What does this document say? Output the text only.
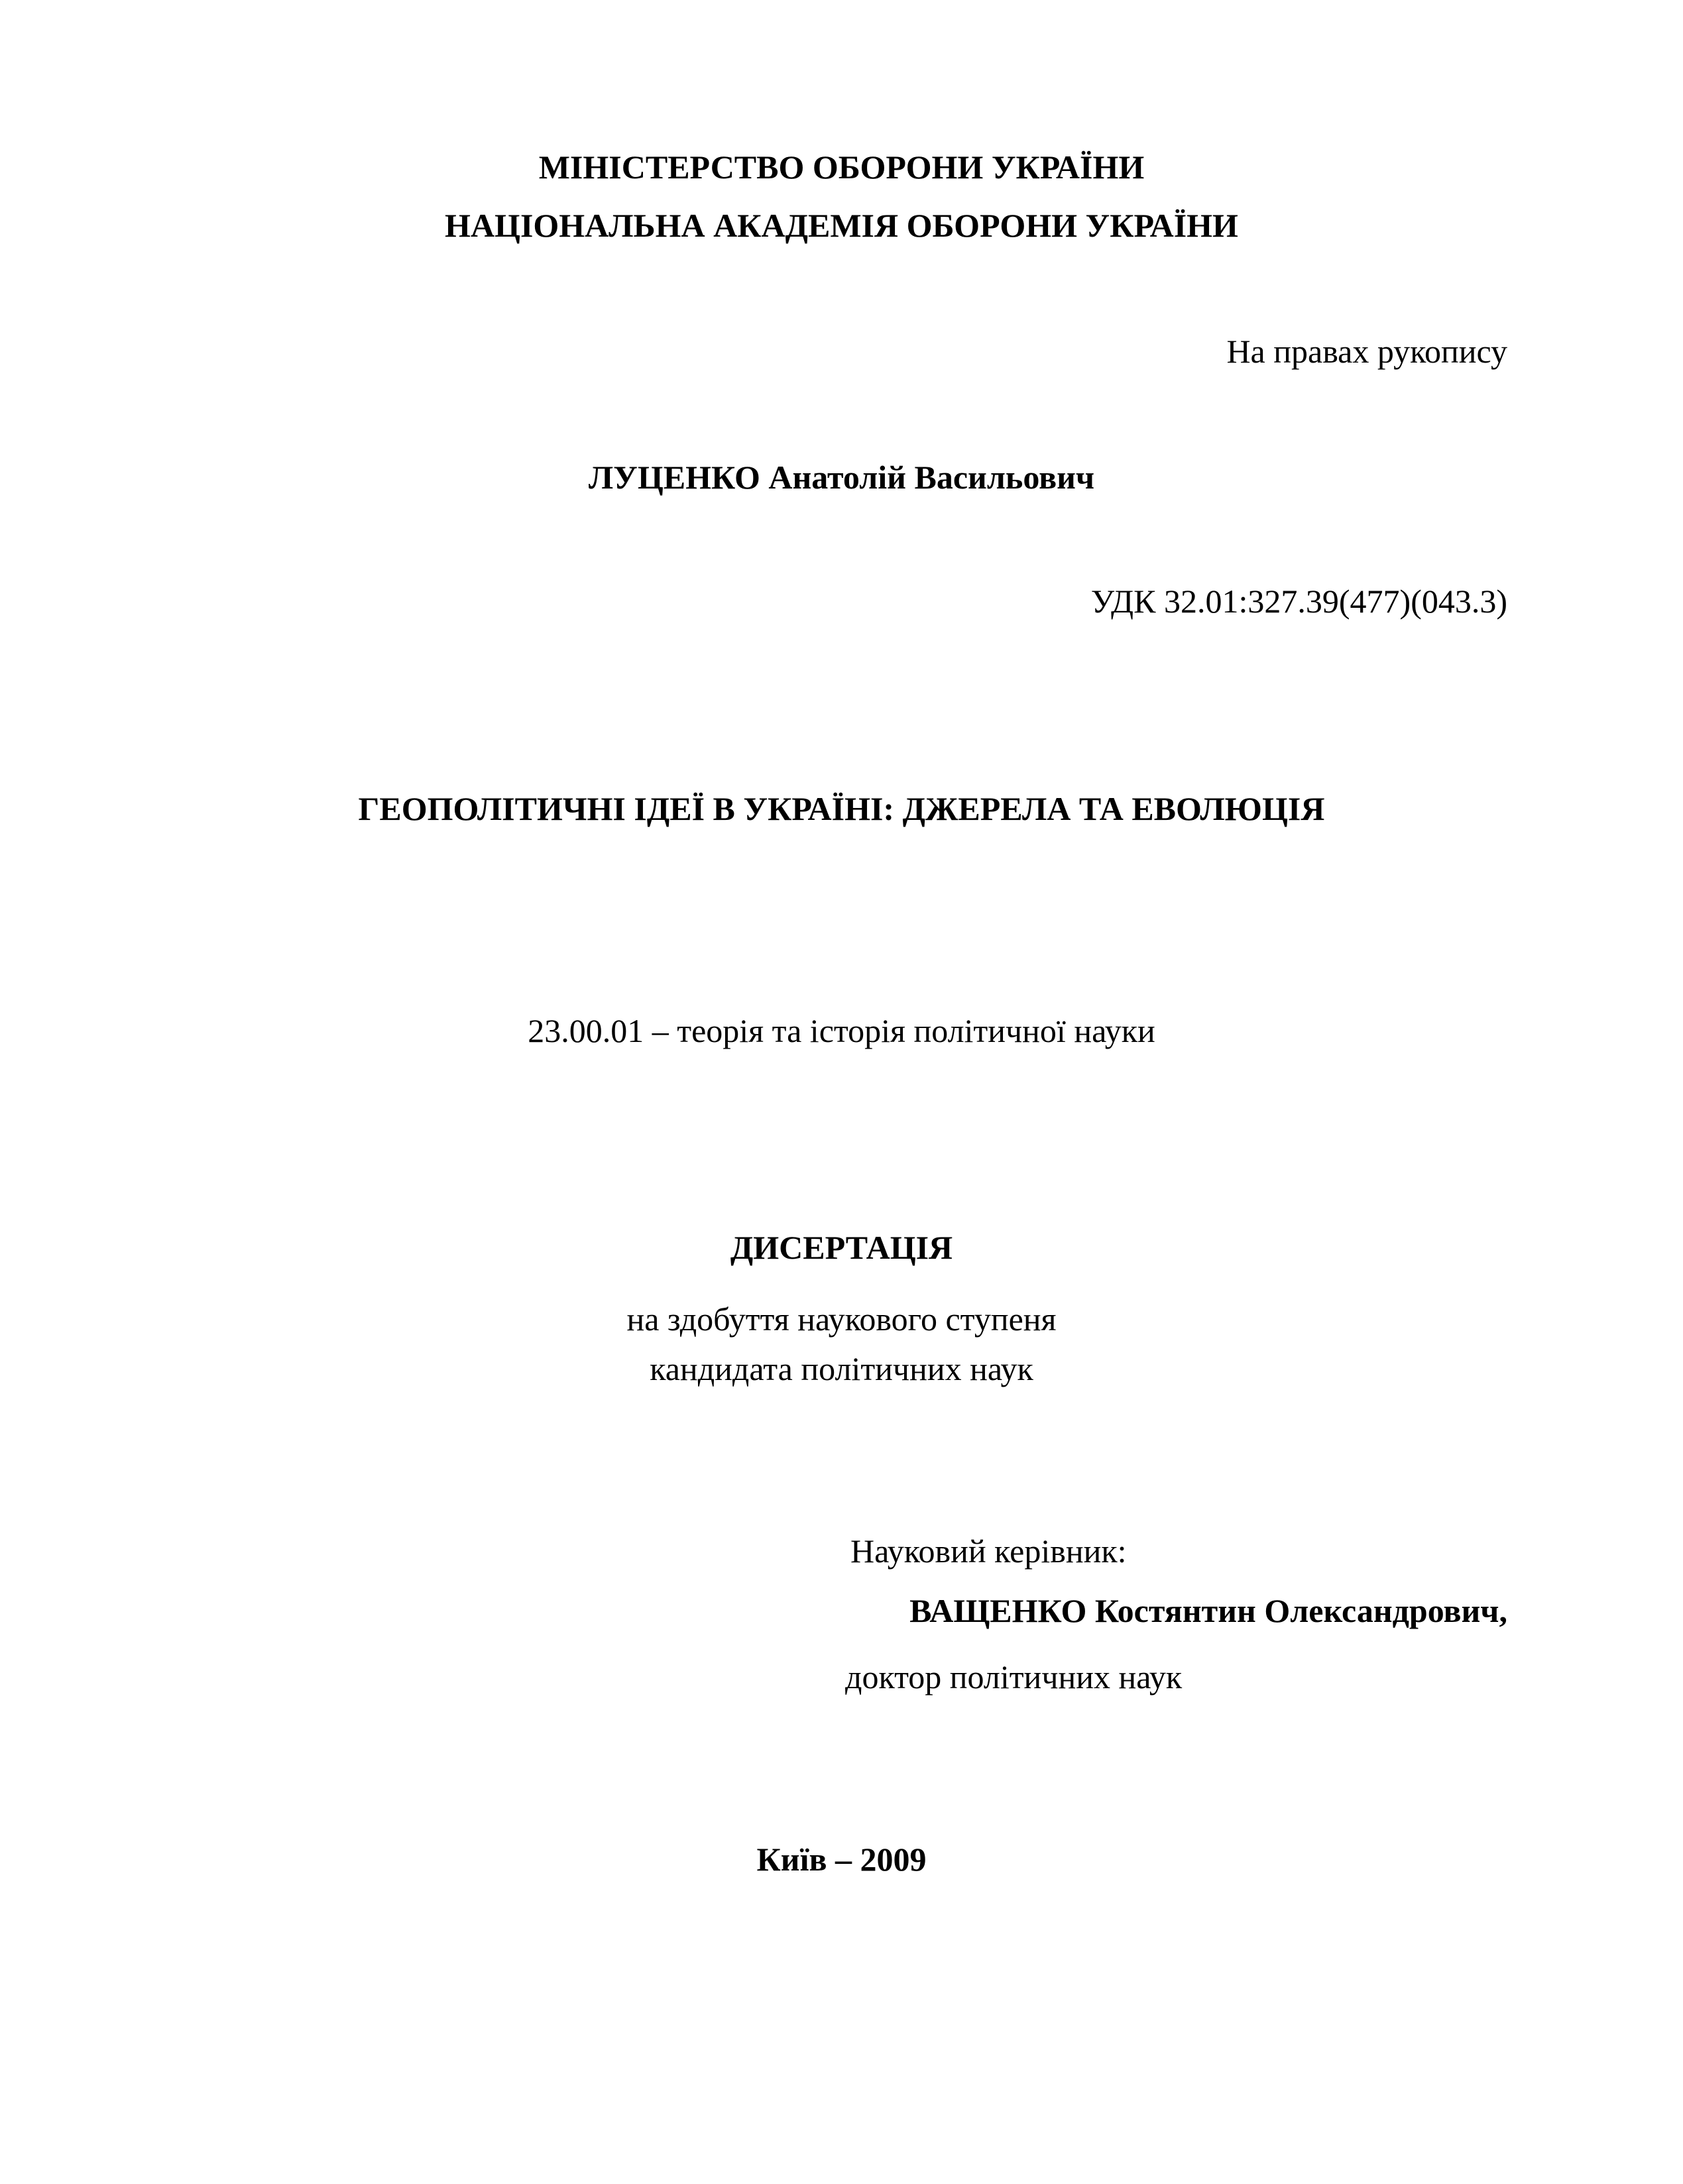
МІНІСТЕРСТВО ОБОРОНИ УКРАЇНИ
НАЦІОНАЛЬНА АКАДЕМІЯ ОБОРОНИ УКРАЇНИ
На правах рукопису
ЛУЦЕНКО Анатолій Васильович
УДК 32.01:327.39(477)(043.3)
ГЕОПОЛІТИЧНІ ІДЕЇ В УКРАЇНІ: ДЖЕРЕЛА ТА ЕВОЛЮЦІЯ
23.00.01 – теорія та історія політичної науки
ДИСЕРТАЦІЯ
на здобуття наукового ступеня
кандидата політичних наук
Науковий керівник:
ВАЩЕНКО Костянтин Олександрович,
доктор політичних наук
Київ – 2009
